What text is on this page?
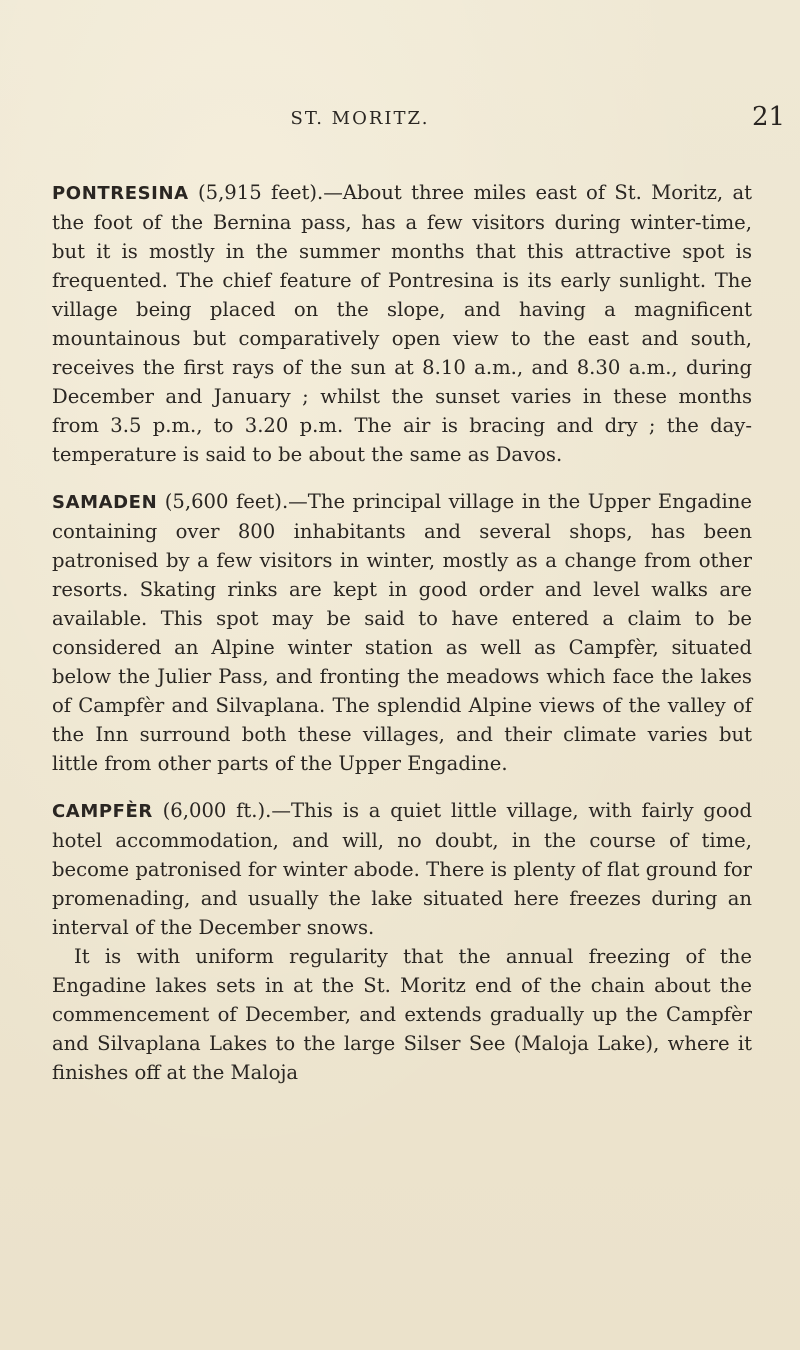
ST. MORITZ.	21

PONTRESINA (5,915 feet).—About three miles east of St. Moritz, at the foot of the Bernina pass, has a few visitors during winter-time, but it is mostly in the summer months that this attractive spot is frequented. The chief feature of Pontresina is its early sunlight. The village being placed on the slope, and having a magnificent mountainous but comparatively open view to the east and south, receives the first rays of the sun at 8.10 a.m., and 8.30 a.m., during December and January ; whilst the sunset varies in these months from 3.5 p.m., to 3.20 p.m. The air is bracing and dry ; the day-temperature is said to be about the same as Davos.

SAMADEN (5,600 feet).—The principal village in the Upper Engadine containing over 800 inhabitants and several shops, has been patronised by a few visitors in winter, mostly as a change from other resorts. Skating rinks are kept in good order and level walks are available. This spot may be said to have entered a claim to be considered an Alpine winter station as well as Campfèr, situated below the Julier Pass, and fronting the meadows which face the lakes of Campfèr and Silvaplana. The splendid Alpine views of the valley of the Inn surround both these villages, and their climate varies but little from other parts of the Upper Engadine.

CAMPFÈR (6,000 ft.).—This is a quiet little village, with fairly good hotel accommodation, and will, no doubt, in the course of time, become patronised for winter abode. There is plenty of flat ground for promenading, and usually the lake situated here freezes during an interval of the December snows.

It is with uniform regularity that the annual freezing of the Engadine lakes sets in at the St. Moritz end of the chain about the commencement of December, and extends gradually up the Campfèr and Silvaplana Lakes to the large Silser See (Maloja Lake), where it finishes off at the Maloja
